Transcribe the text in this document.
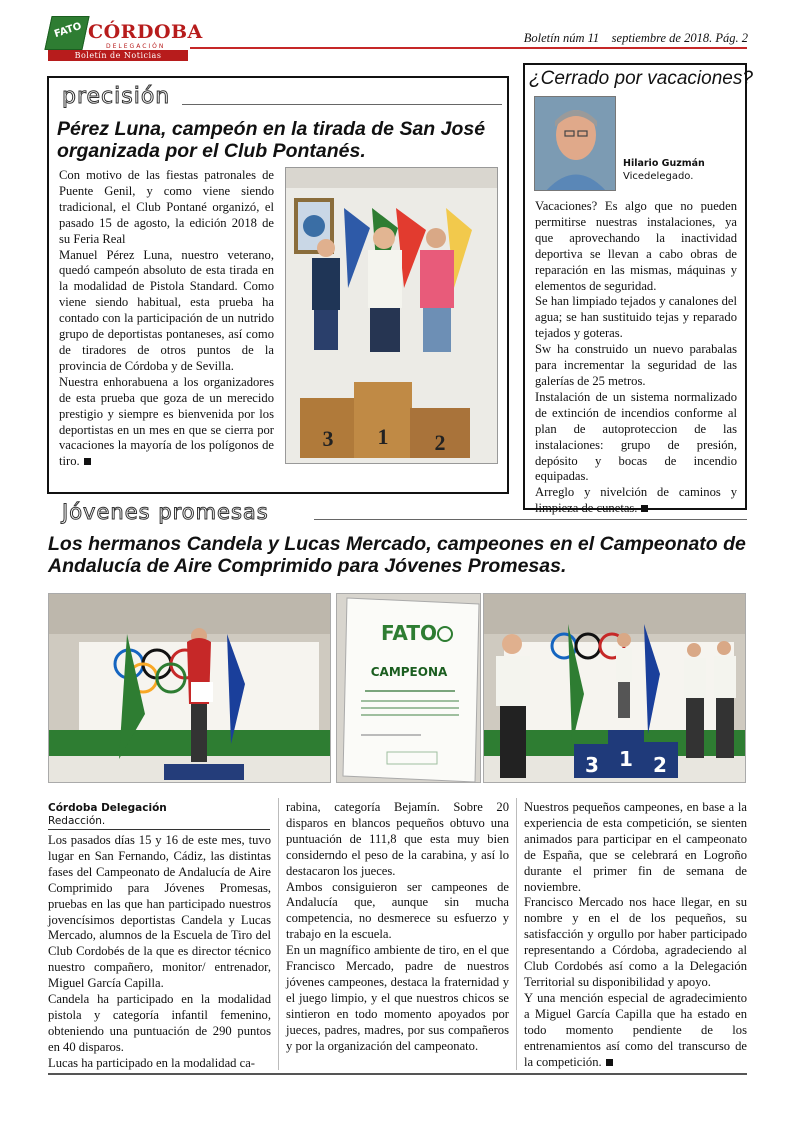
FATO CÓRDOBA
DELEGACIÓN
Boletín de Noticias
Boletín núm 11    septiembre de 2018. Pág. 2
precisión
Pérez Luna, campeón en la tirada de San José organizada por el Club Pontanés.

Con motivo de las fiestas patronales de Puente Genil, y como viene siendo tradicional, el Club Pontané organizó, el pasado 15 de agosto, la edición 2018 de su Feria Real

Manuel Pérez Luna, nuestro veterano, quedó campeón absoluto de esta tirada en la modalidad de Pistola Standard. Como viene siendo habitual, esta prueba ha contado con la participación de un nutrido grupo de deportistas pontaneses, así como de tiradores de otros puntos de la provincia de Córdoba y de Sevilla.

Nuestra enhorabuena a los organizadores de esta prueba que goza de un merecido prestigio y siempre es bienvenida por los deportistas en un mes en que se cierra por vacaciones la mayoría de los polígonos de tiro.

3 1 2
¿Cerrado por vacaciones?
Hilario Guzmán
Vicedelegado.

Vacaciones? Es algo que no pueden permitirse nuestras instalaciones, ya que aprovechando la inactividad deportiva se llevan a cabo obras de reparación en las mismas, máquinas y elementos de seguridad.

Se han limpiado tejados y canalones del agua; se han sustituido tejas y reparado tejados y goteras.

Sw ha construido un nuevo parabalas para incrementar la seguridad de las galerías de 25 metros.

Instalación de un sistema normalizado de extinción de incendios conforme al plan de autoproteccion de las instalaciones: grupo de presión, depósito y bocas de incendio equipadas.

Arreglo y nivelción de caminos y limpieza de cunetas.

Jóvenes promesas
Los hermanos Candela y Lucas Mercado, campeones en el Campeonato de Andalucía de Aire Comprimido para Jóvenes Promesas.
FATO
CAMPEONA
3 1 2
Córdoba Delegación
Redacción.

Los pasados días 15 y 16 de este mes, tuvo lugar en San Fernando, Cádiz, las distintas fases del Campeonato de Andalucía de Aire Comprimido para Jóvenes Promesas, pruebas en las que han participado nuestros jovencísimos deportistas Candela y Lucas Mercado, alumnos de la Escuela de Tiro del Club Cordobés de la que es director técnico nuestro compañero, monitor/ entrenador, Miguel García Capilla.

Candela ha participado en la modalidad pistola y categoría infantil femenino, obteniendo una puntuación de 290 puntos en 40 disparos.

Lucas ha participado en la modalidad ca-

rabina, categoría Bejamín. Sobre 20 disparos en blancos pequeños obtuvo una puntuación de 111,8 que esta muy bien considerndo el peso de la carabina, y así lo destacaron los jueces.

Ambos consiguieron ser campeones de Andalucía que, aunque sin mucha competencia, no desmerece su esfuerzo y trabajo en la escuela.

En un magnífico ambiente de tiro, en el que Francisco Mercado, padre de nuestros jóvenes campeones, destaca la fraternidad y el juego limpio, y el que nuestros chicos se sintieron en todo momento apoyados por jueces, padres, madres, por sus compañeros y por la organización del campeonato.

Nuestros pequeños campeones, en base a la experiencia de esta competición, se sienten animados para participar en el campeonato de España, que se celebrará en Logroño durante el primer fin de semana de noviembre.

Francisco Mercado nos hace llegar, en su nombre y en el de los pequeños, su satisfacción y orgullo por haber participado representando a Córdoba, agradeciendo al Club Cordobés así como a la Delegación Territorial su disponibilidad y apoyo.

Y una mención especial de agradecimiento a Miguel García Capilla que ha estado en todo momento pendiente de los entrenamientos así como del transcurso de la competición.
